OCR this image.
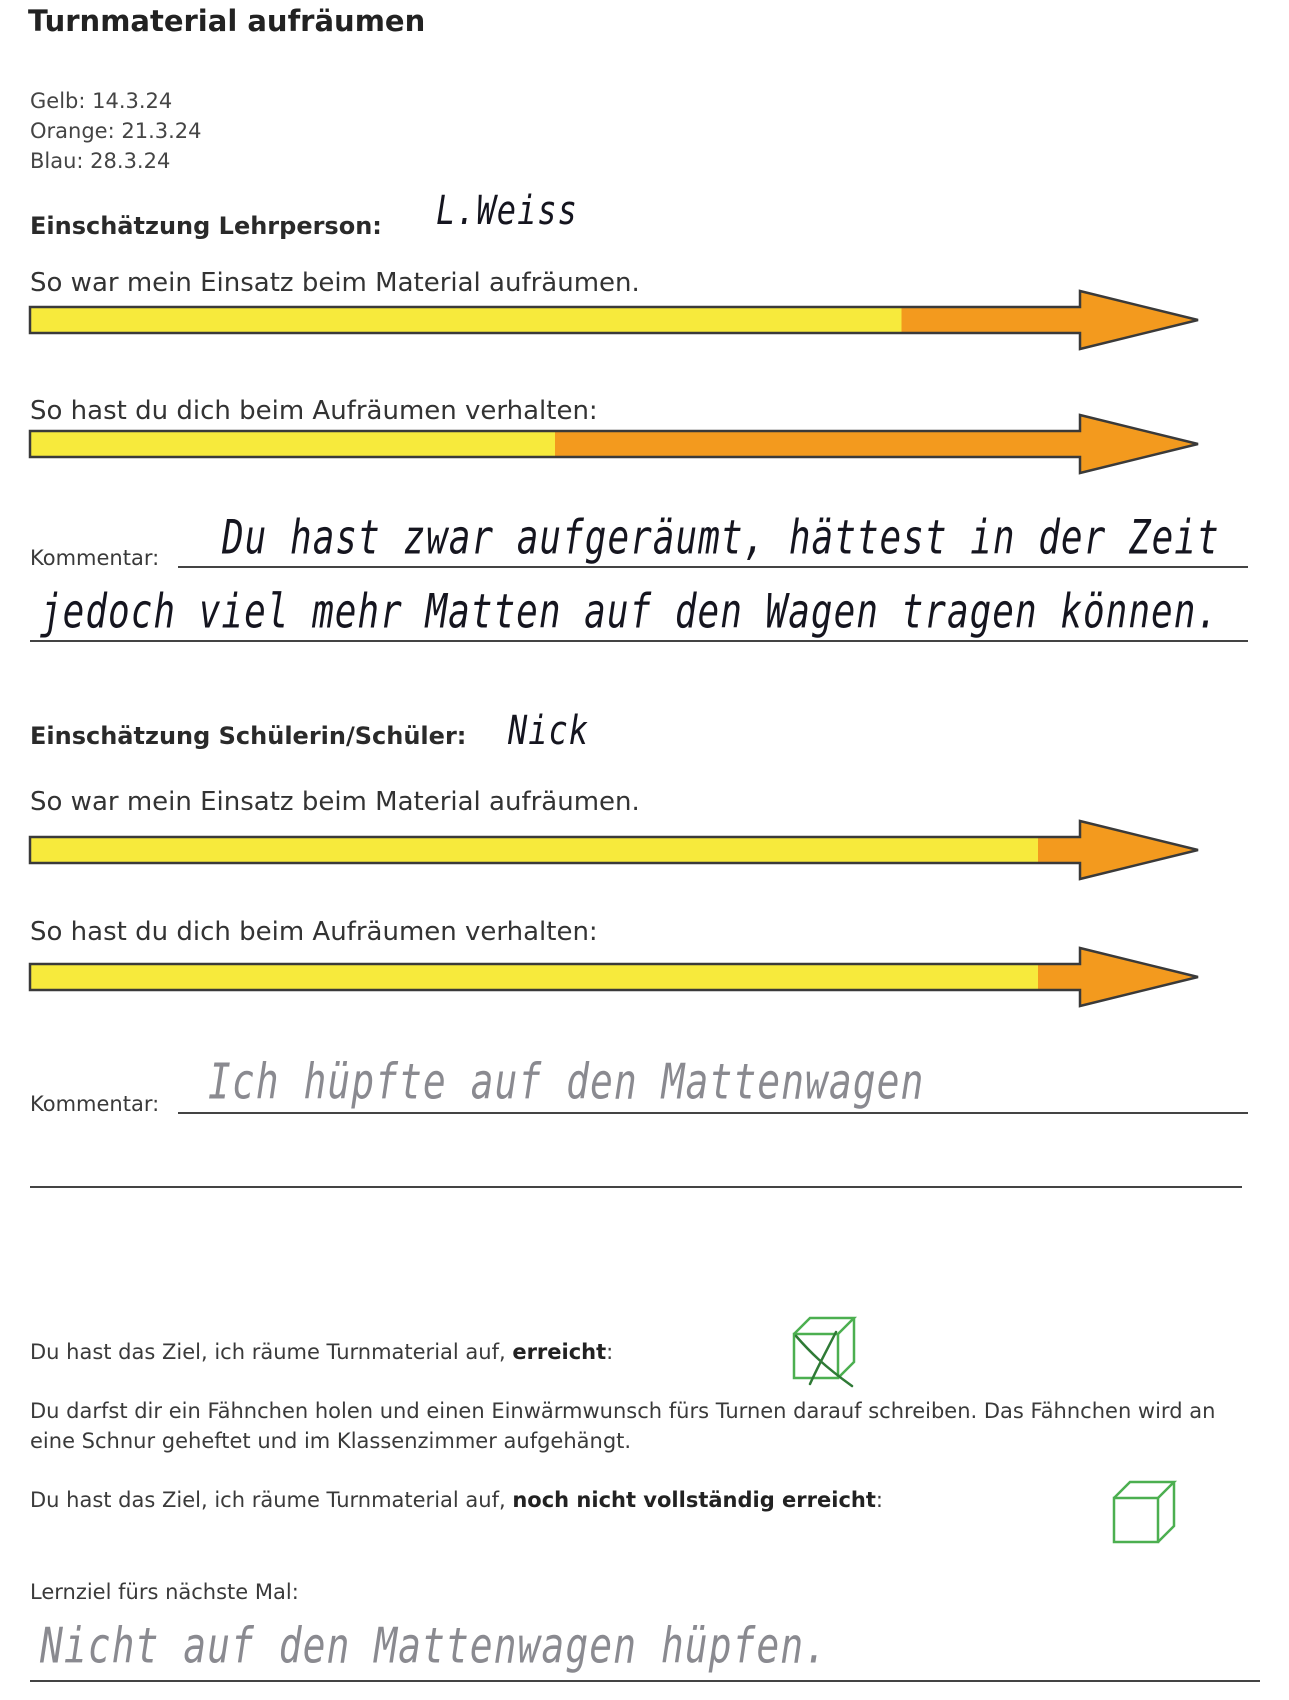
Turnmaterial aufräumen
Gelb: 14.3.24
Orange: 21.3.24
Blau: 28.3.24
Einschätzung Lehrperson: L.Weiss
So war mein Einsatz beim Material aufräumen.
So hast du dich beim Aufräumen verhalten:
Kommentar: Du hast zwar aufgeräumt, hättest in der Zeit
jedoch viel mehr Matten auf den Wagen tragen können.
Einschätzung Schülerin/Schüler: Nick
So war mein Einsatz beim Material aufräumen.
So hast du dich beim Aufräumen verhalten:
Kommentar: Ich hüpfte auf den Mattenwagen
Du hast das Ziel, ich räume Turnmaterial auf, erreicht:
Du darfst dir ein Fähnchen holen und einen Einwärmwunsch fürs Turnen darauf schreiben. Das Fähnchen wird an eine Schnur geheftet und im Klassenzimmer aufgehängt.
Du hast das Ziel, ich räume Turnmaterial auf, noch nicht vollständig erreicht:
Lernziel fürs nächste Mal:
Nicht auf den Mattenwagen hüpfen.
